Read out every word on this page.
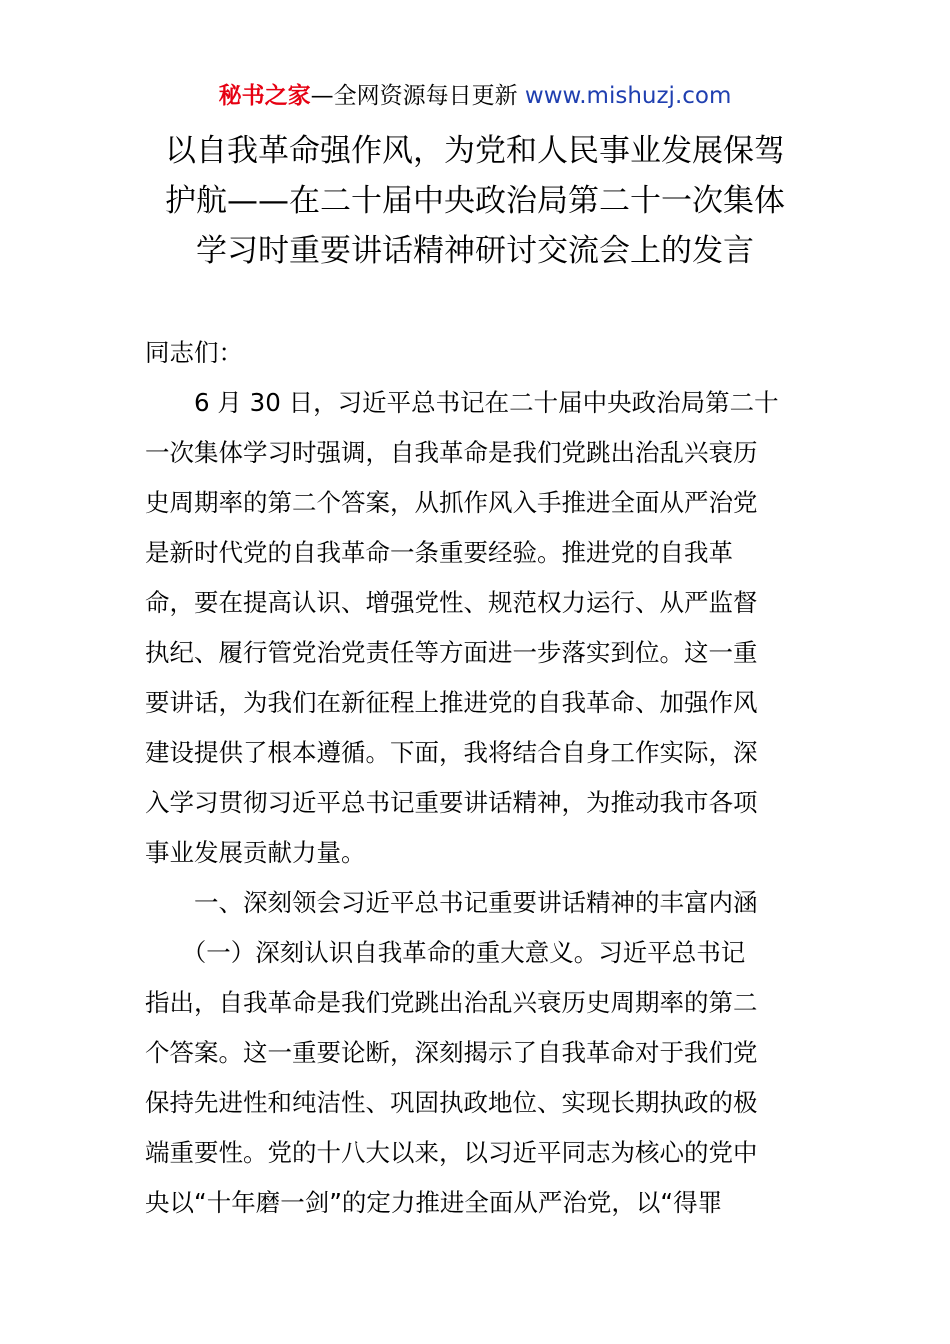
秘书之家—全网资源每日更新 www.mishuzj.com
以自我革命强作风，为党和人民事业发展保驾
护航——在二十届中央政治局第二十一次集体
学习时重要讲话精神研讨交流会上的发言
同志们：
　　6 月 30 日，习近平总书记在二十届中央政治局第二十
一次集体学习时强调，自我革命是我们党跳出治乱兴衰历
史周期率的第二个答案，从抓作风入手推进全面从严治党
是新时代党的自我革命一条重要经验。推进党的自我革
命，要在提高认识、增强党性、规范权力运行、从严监督
执纪、履行管党治党责任等方面进一步落实到位。这一重
要讲话，为我们在新征程上推进党的自我革命、加强作风
建设提供了根本遵循。下面，我将结合自身工作实际，深
入学习贯彻习近平总书记重要讲话精神，为推动我市各项
事业发展贡献力量。
　　一、深刻领会习近平总书记重要讲话精神的丰富内涵
　　（一）深刻认识自我革命的重大意义。习近平总书记
指出，自我革命是我们党跳出治乱兴衰历史周期率的第二
个答案。这一重要论断，深刻揭示了自我革命对于我们党
保持先进性和纯洁性、巩固执政地位、实现长期执政的极
端重要性。党的十八大以来，以习近平同志为核心的党中
央以“十年磨一剑”的定力推进全面从严治党，以“得罪
